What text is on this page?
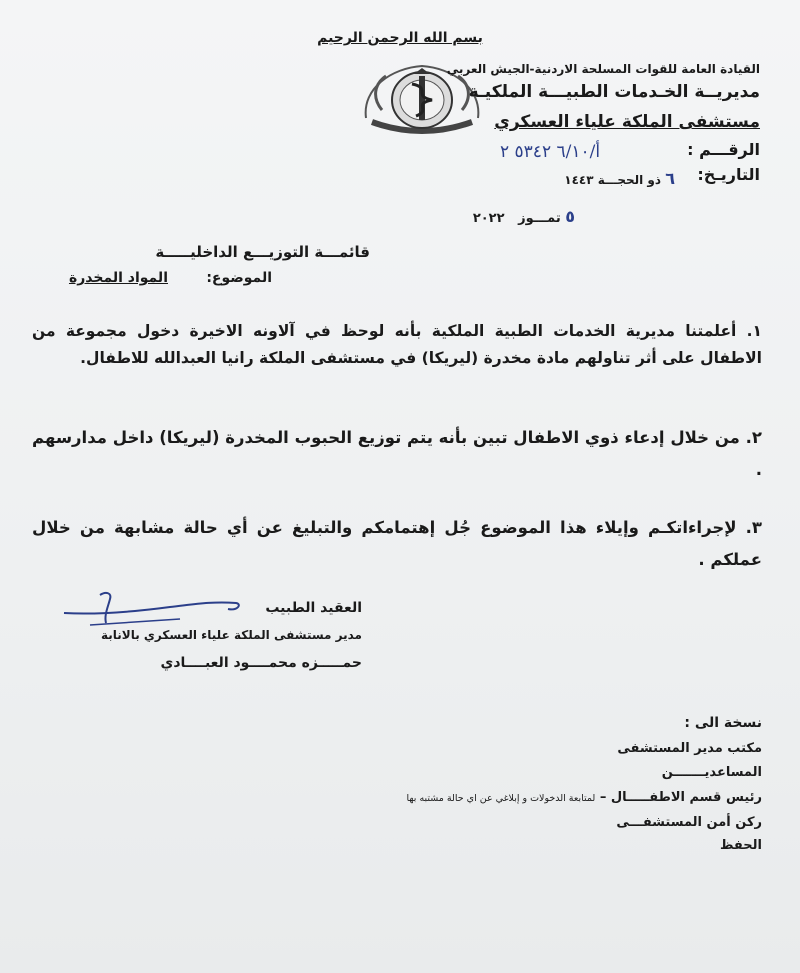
بسم الله الرحمن الرحيم
القيادة العامة للقوات المسلحة الاردنية-الجيش العربي
مديريــة الخـدمات الطبيـــة الملكيـة
مستشفى الملكة علياء العسكري
الرقـــم :
أ/٦/١٠ ٥٣٤٢ ٢
التاريـخ:
٦ ذو الحجـــة ١٤٤٣
٥ تمـــوز   ٢٠٢٢
قائمـــة التوزيـــع الداخليـــــة
الموضوع:
المواد المخدرة
١. أعلمتنا مديرية الخدمات الطبية الملكية بأنه لوحظ في آلاونه الاخيرة دخول مجموعة من الاطفال على أثر تناولهم مادة مخدرة (ليريكا) في مستشفى الملكة رانيا العبدالله للاطفال.
٢. من خلال إدعاء ذوي الاطفال تبين بأنه يتم توزيع الحبوب المخدرة (ليريكا) داخل مدارسهم .
٣. لإجراءاتكـم وإيلاء هذا الموضوع جُل إهتمامكم والتبليغ عن أي حالة مشابهة من خلال عملكم .
العقيد الطبيب
مدير مستشفى الملكة علياء العسكري بالانابة
حمـــــزه محمــــود العبــــادي
نسخة الى :
مكتب مدير المستشفى
المساعديـــــــن
رئيس قسم الاطفـــــال – لمتابعة الدخولات و إبلاغي عن اي حالة مشتبه بها
ركن أمن المستشفـــى
الحفظ
